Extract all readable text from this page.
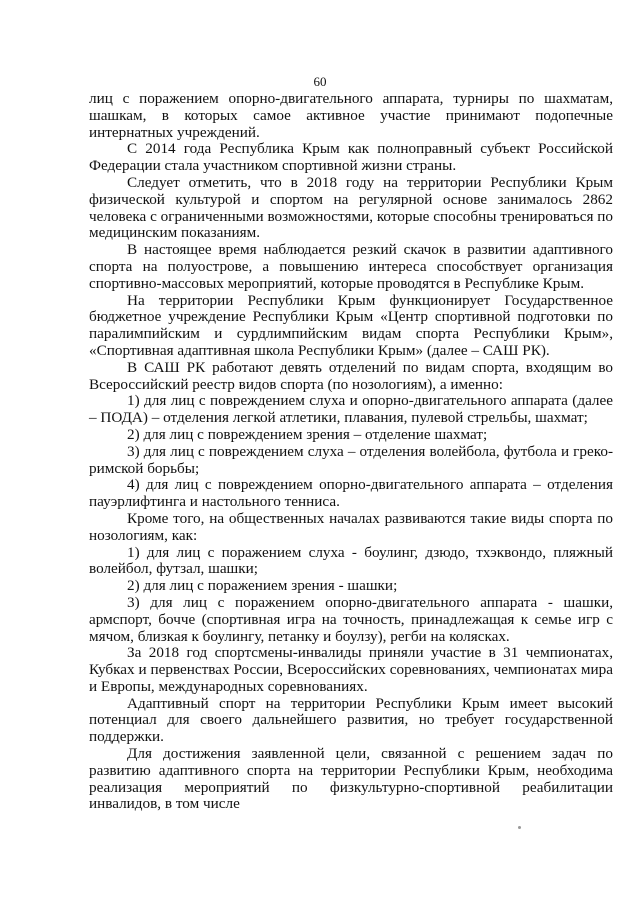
60

лиц с поражением опорно-двигательного аппарата, турниры по шахматам, шашкам, в которых самое активное участие принимают подопечные интернатных учреждений.

С 2014 года Республика Крым как полноправный субъект Российской Федерации стала участником спортивной жизни страны.

Следует отметить, что в 2018 году на территории Республики Крым физической культурой и спортом на регулярной основе занималось 2862 человека с ограниченными возможностями, которые способны тренироваться по медицинским показаниям.

В настоящее время наблюдается резкий скачок в развитии адаптивного спорта на полуострове, а повышению интереса способствует организация спортивно-массовых мероприятий, которые проводятся в Республике Крым.

На территории Республики Крым функционирует Государственное бюджетное учреждение Республики Крым «Центр спортивной подготовки по паралимпийским и сурдлимпийским видам спорта Республики Крым», «Спортивная адаптивная школа Республики Крым» (далее – САШ РК).

В САШ РК работают девять отделений по видам спорта, входящим во Всероссийский реестр видов спорта (по нозологиям), а именно:

1) для лиц с повреждением слуха и опорно-двигательного аппарата (далее – ПОДА) – отделения легкой атлетики, плавания, пулевой стрельбы, шахмат;

2) для лиц с повреждением зрения – отделение шахмат;

3) для лиц с повреждением слуха – отделения волейбола, футбола и греко-римской борьбы;

4) для лиц с повреждением опорно-двигательного аппарата – отделения пауэрлифтинга и настольного тенниса.

Кроме того, на общественных началах развиваются такие виды спорта по нозологиям, как:

1) для лиц с поражением слуха - боулинг, дзюдо, тхэквондо, пляжный волейбол, футзал, шашки;

2) для лиц с поражением зрения - шашки;

3) для лиц с поражением опорно-двигательного аппарата - шашки, армспорт, бочче (спортивная игра на точность, принадлежащая к семье игр с мячом, близкая к боулингу, петанку и боулзу), регби на колясках.

За 2018 год спортсмены-инвалиды приняли участие в 31 чемпионатах, Кубках и первенствах России, Всероссийских соревнованиях, чемпионатах мира и Европы, международных соревнованиях.

Адаптивный спорт на территории Республики Крым имеет высокий потенциал для своего дальнейшего развития, но требует государственной поддержки.

Для достижения заявленной цели, связанной с решением задач по развитию адаптивного спорта на территории Республики Крым, необходима реализация мероприятий по физкультурно-спортивной реабилитации инвалидов, в том числе
